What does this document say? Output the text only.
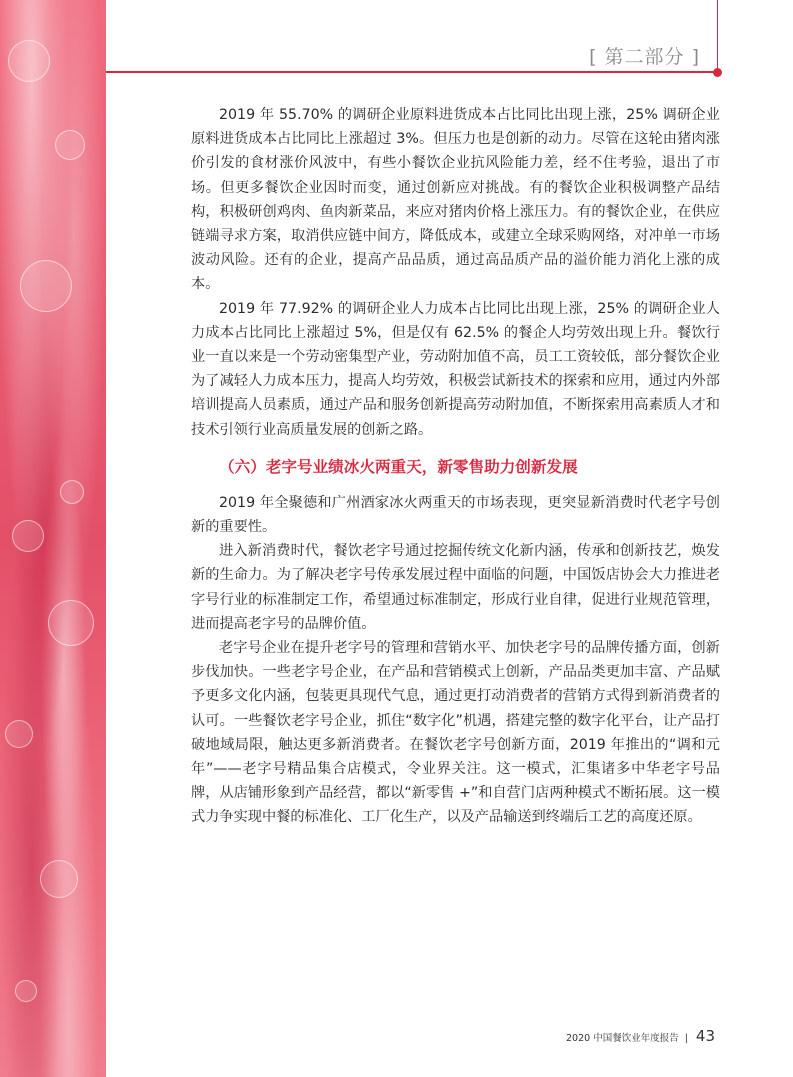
[ 第二部分 ]

2019 年 55.70% 的调研企业原料进货成本占比同比出现上涨，25% 调研企业原料进货成本占比同比上涨超过 3%。但压力也是创新的动力。尽管在这轮由猪肉涨价引发的食材涨价风波中，有些小餐饮企业抗风险能力差，经不住考验，退出了市场。但更多餐饮企业因时而变，通过创新应对挑战。有的餐饮企业积极调整产品结构，积极研创鸡肉、鱼肉新菜品，来应对猪肉价格上涨压力。有的餐饮企业，在供应链端寻求方案，取消供应链中间方，降低成本，或建立全球采购网络，对冲单一市场波动风险。还有的企业，提高产品品质，通过高品质产品的溢价能力消化上涨的成本。

2019 年 77.92% 的调研企业人力成本占比同比出现上涨，25% 的调研企业人力成本占比同比上涨超过 5%，但是仅有 62.5% 的餐企人均劳效出现上升。餐饮行业一直以来是一个劳动密集型产业，劳动附加值不高，员工工资较低，部分餐饮企业为了减轻人力成本压力，提高人均劳效，积极尝试新技术的探索和应用，通过内外部培训提高人员素质，通过产品和服务创新提高劳动附加值，不断探索用高素质人才和技术引领行业高质量发展的创新之路。

（六）老字号业绩冰火两重天，新零售助力创新发展

2019 年全聚德和广州酒家冰火两重天的市场表现，更突显新消费时代老字号创新的重要性。

进入新消费时代，餐饮老字号通过挖掘传统文化新内涵，传承和创新技艺，焕发新的生命力。为了解决老字号传承发展过程中面临的问题，中国饭店协会大力推进老字号行业的标准制定工作，希望通过标准制定，形成行业自律，促进行业规范管理，进而提高老字号的品牌价值。

老字号企业在提升老字号的管理和营销水平、加快老字号的品牌传播方面，创新步伐加快。一些老字号企业，在产品和营销模式上创新，产品品类更加丰富、产品赋予更多文化内涵，包装更具现代气息，通过更打动消费者的营销方式得到新消费者的认可。一些餐饮老字号企业，抓住“数字化”机遇，搭建完整的数字化平台，让产品打破地域局限，触达更多新消费者。在餐饮老字号创新方面，2019 年推出的“调和元年”——老字号精品集合店模式，令业界关注。这一模式，汇集诸多中华老字号品牌，从店铺形象到产品经营，都以“新零售 +”和自营门店两种模式不断拓展。这一模式力争实现中餐的标准化、工厂化生产，以及产品输送到终端后工艺的高度还原。

2020 中国餐饮业年度报告 | 43
